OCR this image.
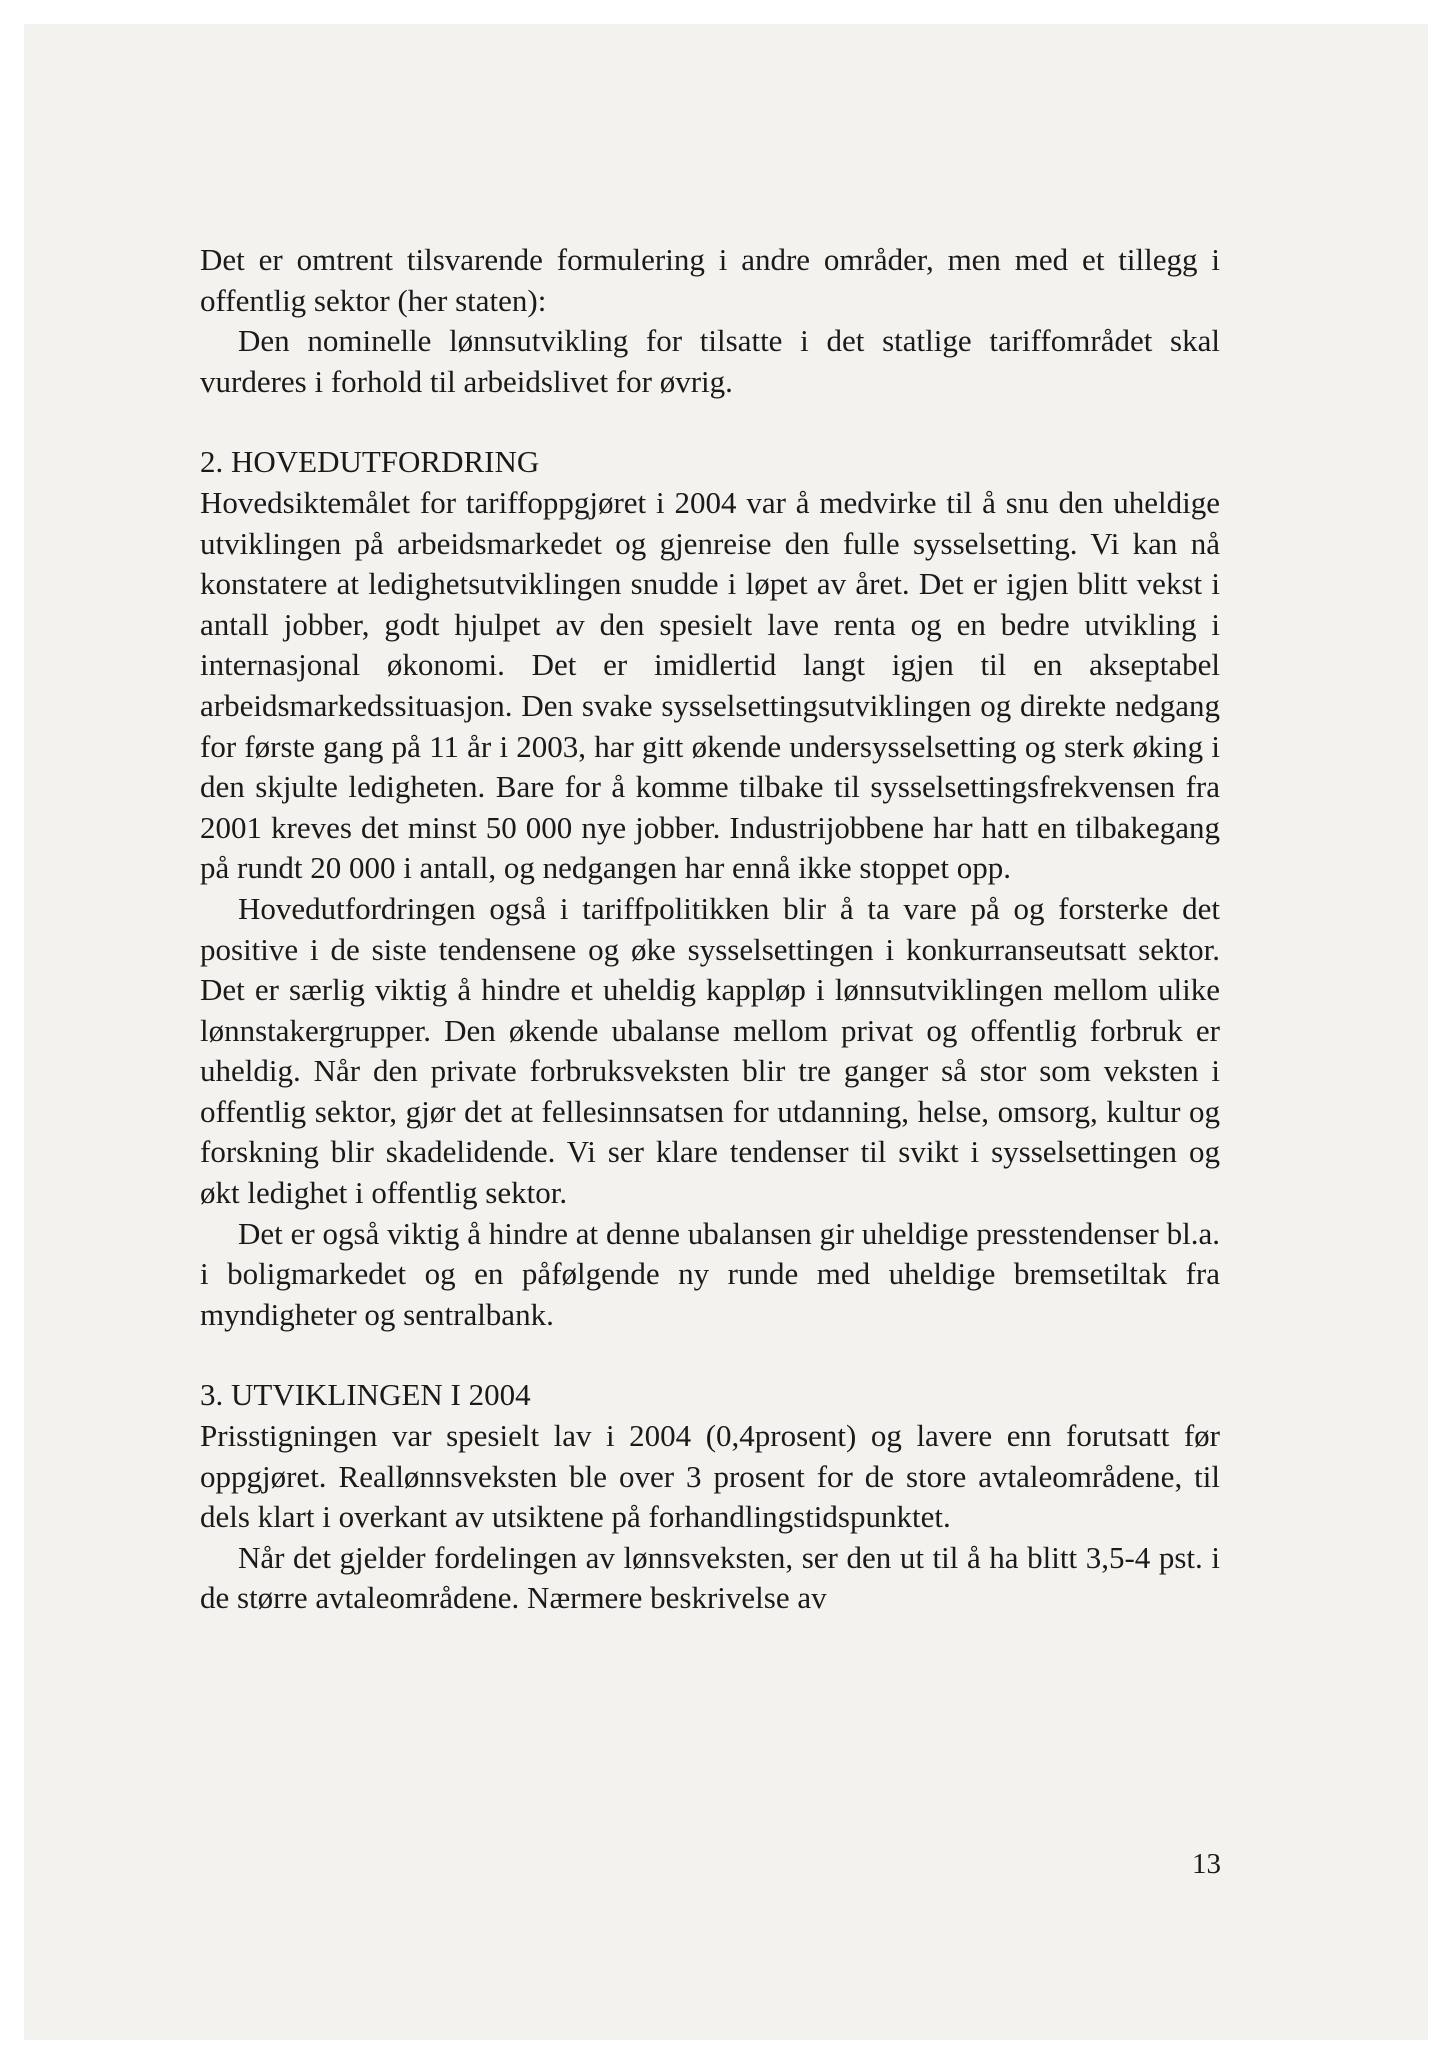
Det er omtrent tilsvarende formulering i andre områder, men med et tillegg i offentlig sektor (her staten):

Den nominelle lønnsutvikling for tilsatte i det statlige tariffområdet skal vurderes i forhold til arbeidslivet for øvrig.

2. HOVEDUTFORDRING

Hovedsiktemålet for tariffoppgjøret i 2004 var å medvirke til å snu den uheldige utviklingen på arbeidsmarkedet og gjenreise den fulle sysselsetting. Vi kan nå konstatere at ledighetsutviklingen snudde i løpet av året. Det er igjen blitt vekst i antall jobber, godt hjulpet av den spesielt lave renta og en bedre utvikling i internasjonal økonomi. Det er imidlertid langt igjen til en akseptabel arbeidsmarkedssituasjon. Den svake sysselsettingsutviklingen og direkte nedgang for første gang på 11 år i 2003, har gitt økende undersysselsetting og sterk øking i den skjulte ledigheten. Bare for å komme tilbake til sysselsettingsfrekvensen fra 2001 kreves det minst 50 000 nye jobber. Industrijobbene har hatt en tilbakegang på rundt 20 000 i antall, og nedgangen har ennå ikke stoppet opp.

Hovedutfordringen også i tariffpolitikken blir å ta vare på og forsterke det positive i de siste tendensene og øke sysselsettingen i konkurranseutsatt sektor. Det er særlig viktig å hindre et uheldig kappløp i lønnsutviklingen mellom ulike lønnstakergrupper. Den økende ubalanse mellom privat og offentlig forbruk er uheldig. Når den private forbruksveksten blir tre ganger så stor som veksten i offentlig sektor, gjør det at fellesinnsatsen for utdanning, helse, omsorg, kultur og forskning blir skadelidende. Vi ser klare tendenser til svikt i sysselsettingen og økt ledighet i offentlig sektor.

Det er også viktig å hindre at denne ubalansen gir uheldige presstendenser bl.a. i boligmarkedet og en påfølgende ny runde med uheldige bremsetiltak fra myndigheter og sentralbank.

3. UTVIKLINGEN I 2004

Prisstigningen var spesielt lav i 2004 (0,4prosent) og lavere enn forutsatt før oppgjøret. Reallønnsveksten ble over 3 prosent for de store avtaleområdene, til dels klart i overkant av utsiktene på forhandlingstidspunktet.

Når det gjelder fordelingen av lønnsveksten, ser den ut til å ha blitt 3,5-4 pst. i de større avtaleområdene. Nærmere beskrivelse av

13
